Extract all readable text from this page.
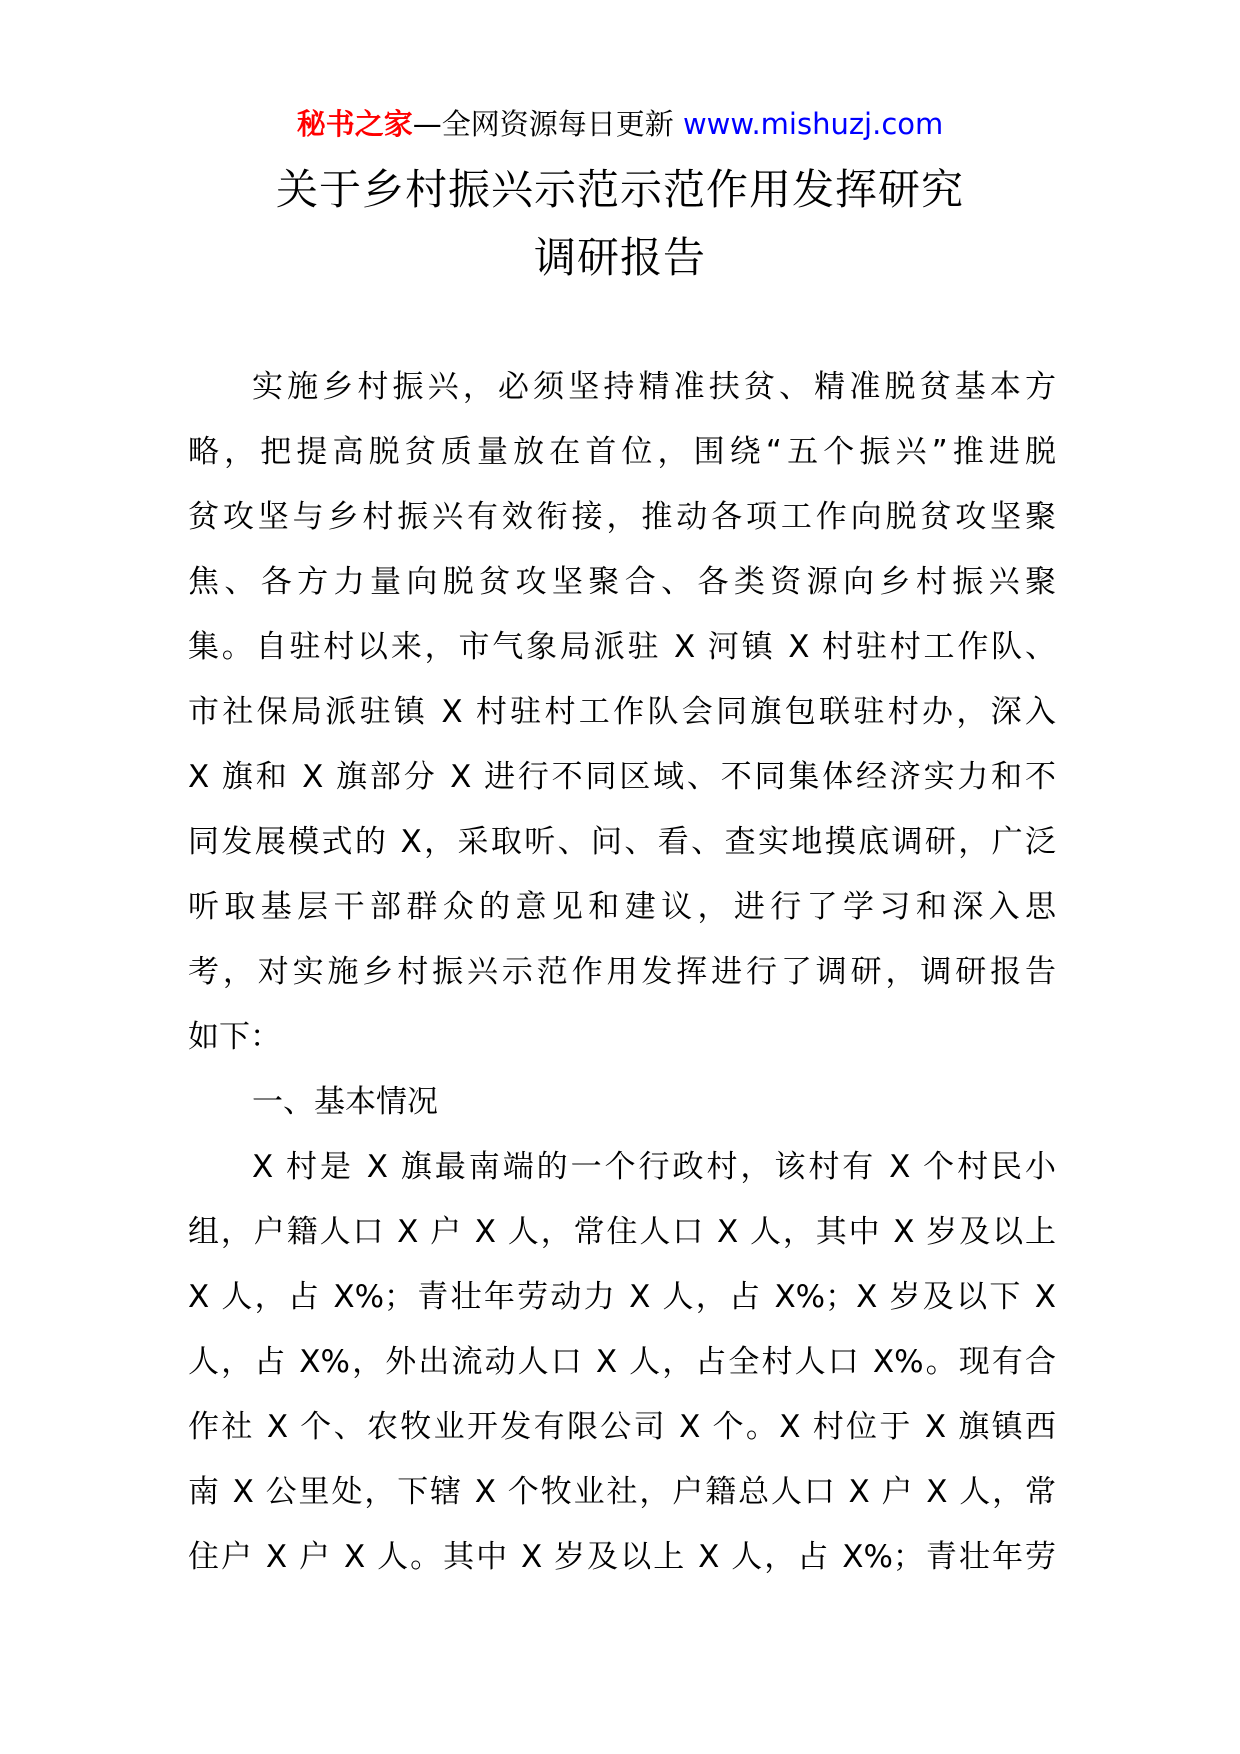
秘书之家—全网资源每日更新 www.mishuzj.com
关于乡村振兴示范示范作用发挥研究
调研报告
实施乡村振兴，必须坚持精准扶贫、精准脱贫基本方
略，把提高脱贫质量放在首位，围绕“五个振兴”推进脱
贫攻坚与乡村振兴有效衔接，推动各项工作向脱贫攻坚聚
焦、各方力量向脱贫攻坚聚合、各类资源向乡村振兴聚
集。自驻村以来，市气象局派驻 X 河镇 X 村驻村工作队、
市社保局派驻镇 X 村驻村工作队会同旗包联驻村办，深入
X 旗和 X 旗部分 X 进行不同区域、不同集体经济实力和不
同发展模式的 X，采取听、问、看、查实地摸底调研，广泛
听取基层干部群众的意见和建议，进行了学习和深入思
考，对实施乡村振兴示范作用发挥进行了调研，调研报告
如下：
一、基本情况
X 村是 X 旗最南端的一个行政村，该村有 X 个村民小
组，户籍人口 X 户 X 人，常住人口 X 人，其中 X 岁及以上
X 人，占 X%；青壮年劳动力 X 人，占 X%；X 岁及以下 X
人，占 X%，外出流动人口 X 人，占全村人口 X%。现有合
作社 X 个、农牧业开发有限公司 X 个。X 村位于 X 旗镇西
南 X 公里处，下辖 X 个牧业社，户籍总人口 X 户 X 人，常
住户 X 户 X 人。其中 X 岁及以上 X 人，占 X%；青壮年劳
